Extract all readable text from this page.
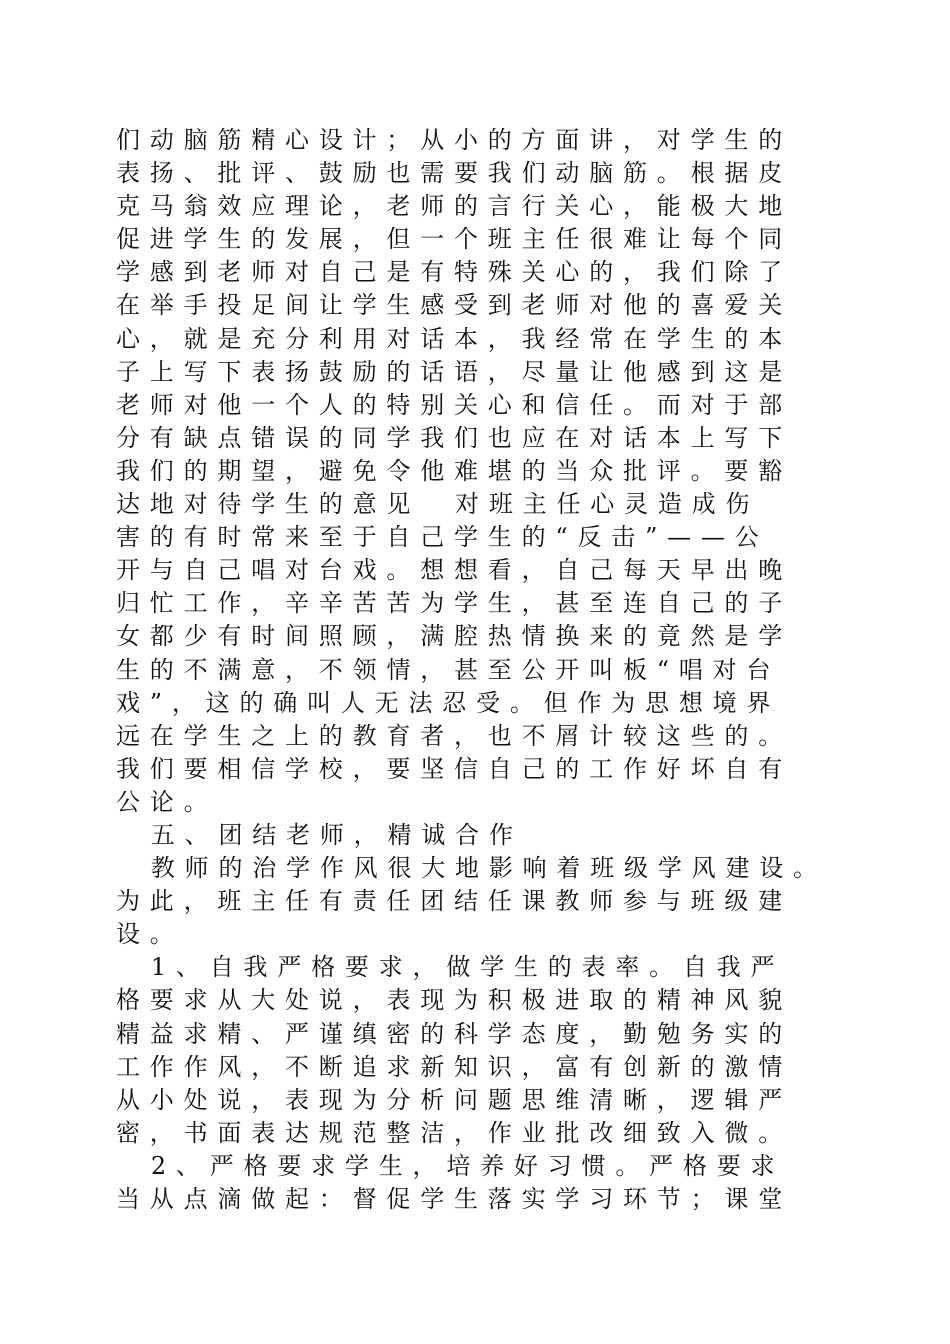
们动脑筋精心设计；从小的方面讲，对学生的
表扬、批评、鼓励也需要我们动脑筋。根据皮
克马翁效应理论，老师的言行关心，能极大地
促进学生的发展，但一个班主任很难让每个同
学感到老师对自己是有特殊关心的，我们除了
在举手投足间让学生感受到老师对他的喜爱关
心，就是充分利用对话本，我经常在学生的本
子上写下表扬鼓励的话语，尽量让他感到这是
老师对他一个人的特别关心和信任。而对于部
分有缺点错误的同学我们也应在对话本上写下
我们的期望，避免令他难堪的当众批评。要豁
达地对待学生的意见  对班主任心灵造成伤
害的有时常来至于自己学生的“反击”——公
开与自己唱对台戏。想想看，自己每天早出晚
归忙工作，辛辛苦苦为学生，甚至连自己的子
女都少有时间照顾，满腔热情换来的竟然是学
生的不满意，不领情，甚至公开叫板“唱对台
戏”，这的确叫人无法忍受。但作为思想境界
远在学生之上的教育者，也不屑计较这些的。
我们要相信学校，要坚信自己的工作好坏自有
公论。
五、团结老师，精诚合作
教师的治学作风很大地影响着班级学风建设。
为此，班主任有责任团结任课教师参与班级建
设。
1、自我严格要求，做学生的表率。自我严
格要求从大处说，表现为积极进取的精神风貌
精益求精、严谨缜密的科学态度，勤勉务实的
工作作风，不断追求新知识，富有创新的激情
从小处说，表现为分析问题思维清晰，逻辑严
密，书面表达规范整洁，作业批改细致入微。
2、严格要求学生，培养好习惯。严格要求
当从点滴做起：督促学生落实学习环节；课堂
